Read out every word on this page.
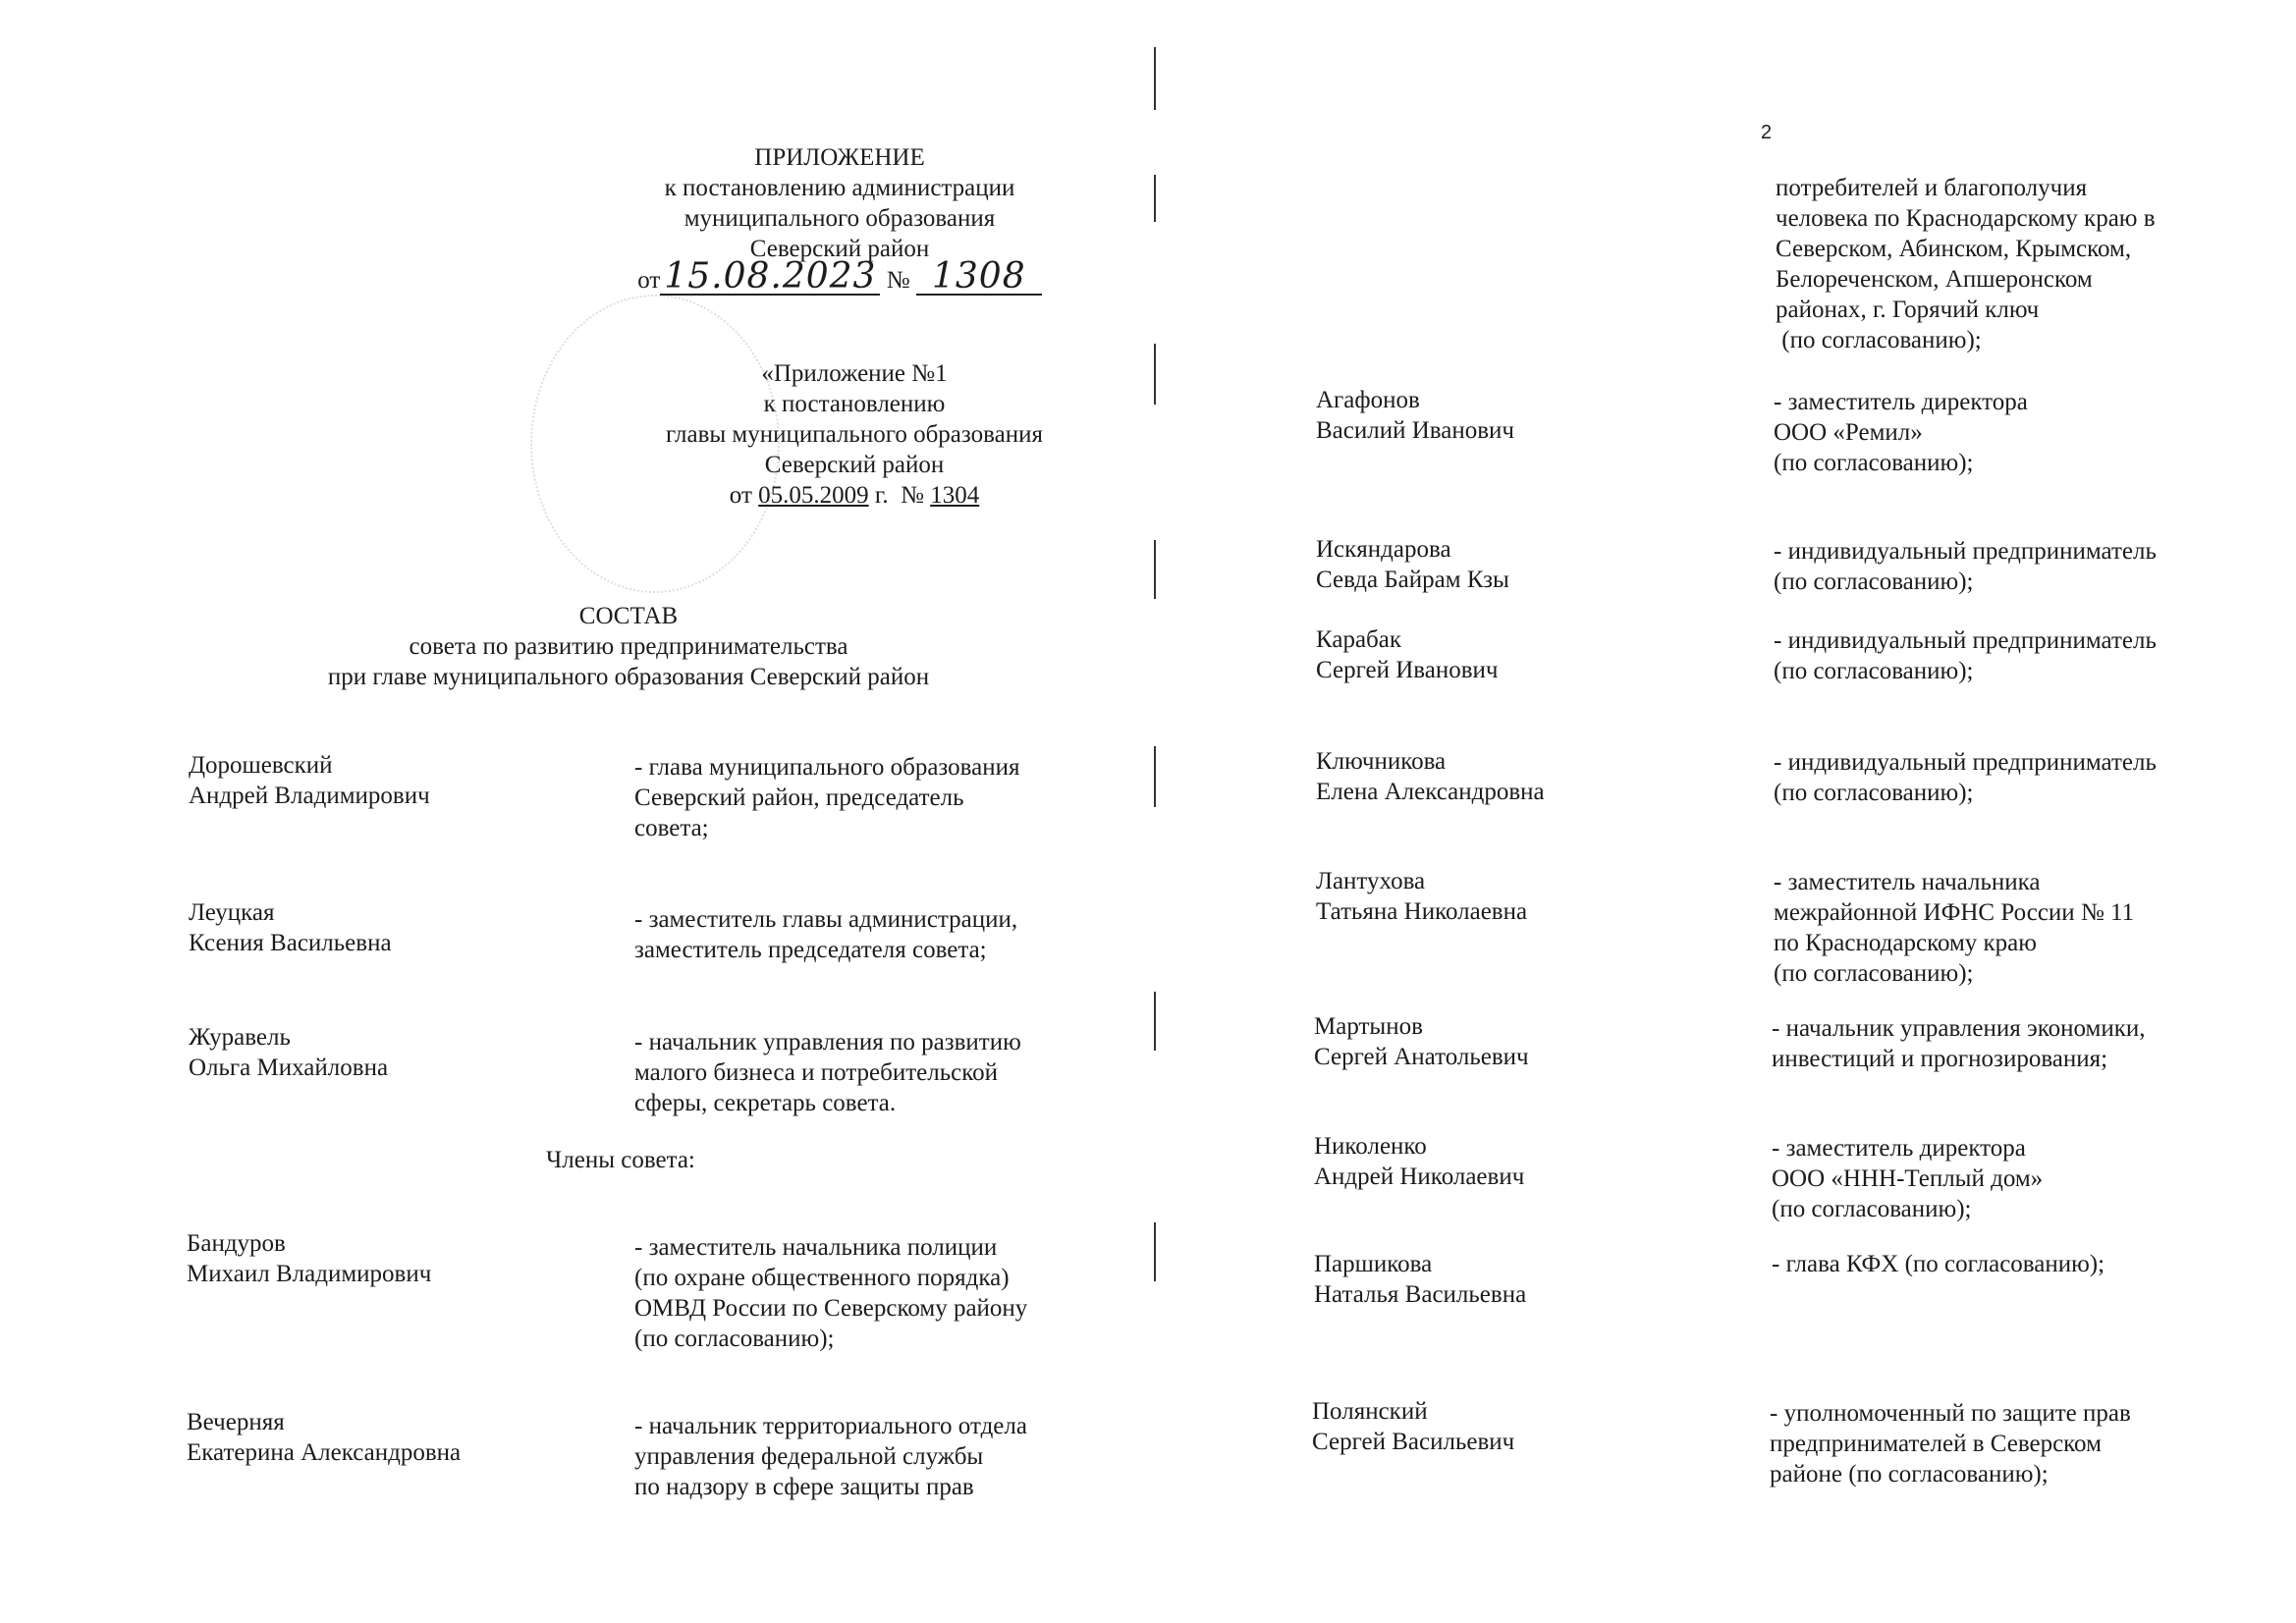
2
ПРИЛОЖЕНИЕ
к постановлению администрации
муниципального образования
Северский район
от 15.08.2023 № 1308
«Приложение №1
к постановлению
главы муниципального образования
Северский район
от 05.05.2009 г. № 1304
СОСТАВ
совета по развитию предпринимательства
при главе муниципального образования Северский район
Дорошевский
Андрей Владимирович
- глава муниципального образования
Северский район, председатель
совета;
Леуцкая
Ксения Васильевна
- заместитель главы администрации,
заместитель председателя совета;
Журавель
Ольга Михайловна
- начальник управления по развитию
малого бизнеса и потребительской
сферы, секретарь совета.
Члены совета:
Бандуров
Михаил Владимирович
- заместитель начальника полиции
(по охране общественного порядка)
ОМВД России по Северскому району
(по согласованию);
Вечерняя
Екатерина Александровна
- начальник территориального отдела
управления федеральной службы
по надзору в сфере защиты прав
потребителей и благополучия
человека по Краснодарскому краю в
Северском, Абинском, Крымском,
Белореченском, Апшеронском
районах, г. Горячий ключ
(по согласованию);
Агафонов
Василий Иванович
- заместитель директора
ООО «Ремил»
(по согласованию);
Искяндарова
Севда Байрам Кзы
- индивидуальный предприниматель
(по согласованию);
Карабак
Сергей Иванович
- индивидуальный предприниматель
(по согласованию);
Ключникова
Елена Александровна
- индивидуальный предприниматель
(по согласованию);
Лантухова
Татьяна Николаевна
- заместитель начальника
межрайонной ИФНС России № 11
по Краснодарскому краю
(по согласованию);
Мартынов
Сергей Анатольевич
- начальник управления экономики,
инвестиций и прогнозирования;
Николенко
Андрей Николаевич
- заместитель директора
ООО «ННН-Теплый дом»
(по согласованию);
Паршикова
Наталья Васильевна
- глава КФХ (по согласованию);
Полянский
Сергей Васильевич
- уполномоченный по защите прав
предпринимателей в Северском
районе (по согласованию);
